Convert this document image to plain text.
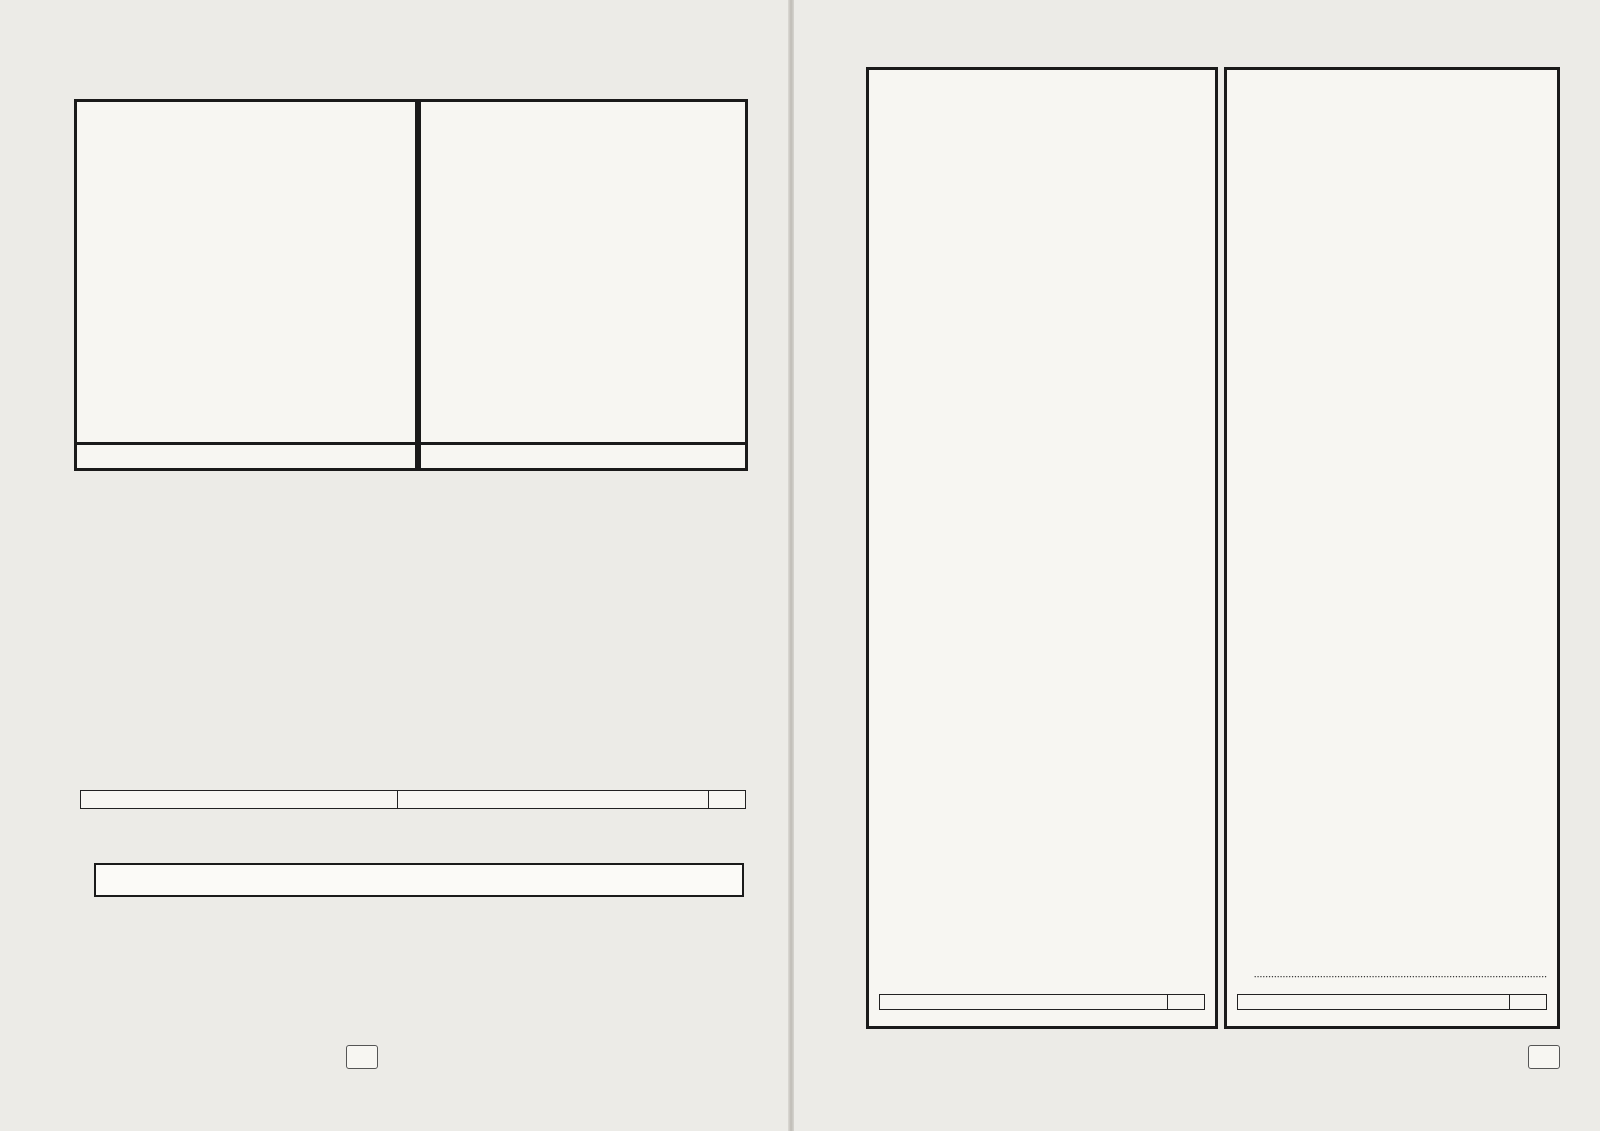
......................................................................................................
